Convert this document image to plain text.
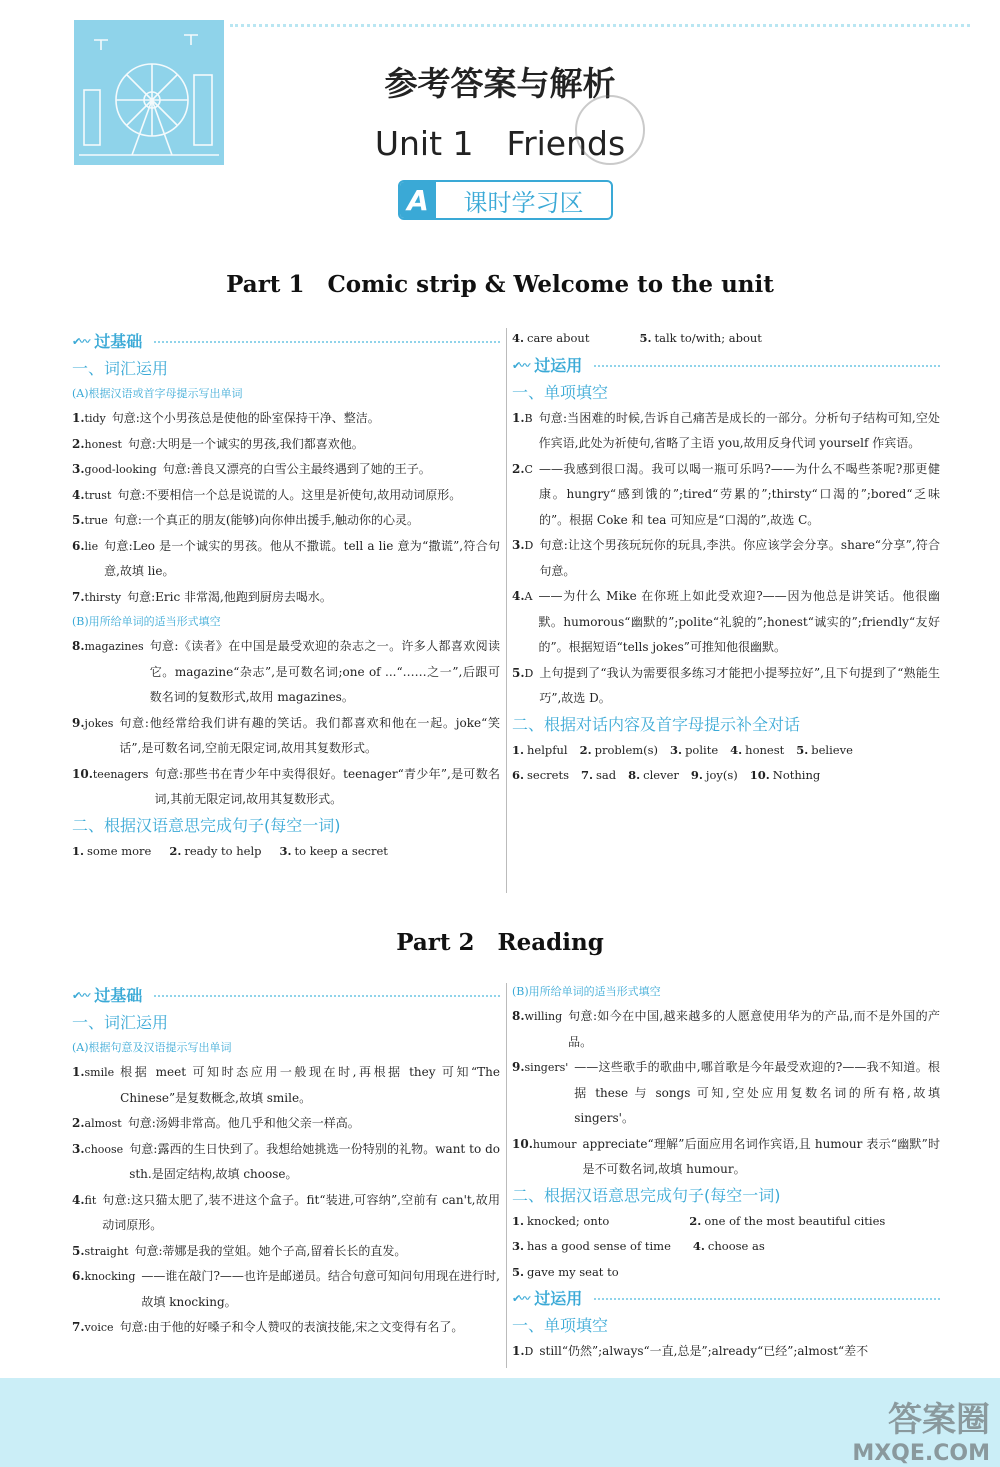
参考答案与解析
Unit 1　Friends
A	课时学习区
Part 1　Comic strip & Welcome to the unit
✔〰 过基础
一、词汇运用
(A)根据汉语或首字母提示写出单词
1. tidy 句意:这个小男孩总是使他的卧室保持干净、整洁。
2. honest 句意:大明是一个诚实的男孩,我们都喜欢他。
3. good-looking 句意:善良又漂亮的白雪公主最终遇到了她的王子。
4. trust 句意:不要相信一个总是说谎的人。这里是祈使句,故用动词原形。
5. true 句意:一个真正的朋友(能够)向你伸出援手,触动你的心灵。
6. lie 句意:Leo 是一个诚实的男孩。他从不撒谎。tell a lie 意为“撒谎”,符合句意,故填 lie。
7. thirsty 句意:Eric 非常渴,他跑到厨房去喝水。
(B)用所给单词的适当形式填空
8. magazines 句意:《读者》在中国是最受欢迎的杂志之一。许多人都喜欢阅读它。magazine“杂志”,是可数名词;one of ...“……之一”,后跟可数名词的复数形式,故用 magazines。
9. jokes 句意:他经常给我们讲有趣的笑话。我们都喜欢和他在一起。joke“笑话”,是可数名词,空前无限定词,故用其复数形式。
10. teenagers 句意:那些书在青少年中卖得很好。teenager“青少年”,是可数名词,其前无限定词,故用其复数形式。
二、根据汉语意思完成句子(每空一词)
1. some more 2. ready to help 3. to keep a secret
4. care about	5. talk to/with; about
✔〰 过运用
一、单项填空
1. B 句意:当困难的时候,告诉自己痛苦是成长的一部分。分析句子结构可知,空处作宾语,此处为祈使句,省略了主语 you,故用反身代词 yourself 作宾语。
2. C ——我感到很口渴。我可以喝一瓶可乐吗?——为什么不喝些茶呢?那更健康。hungry“感到饿的”;tired“劳累的”;thirsty“口渴的”;bored“乏味的”。根据 Coke 和 tea 可知应是“口渴的”,故选 C。
3. D 句意:让这个男孩玩玩你的玩具,李洪。你应该学会分享。share“分享”,符合句意。
4. A ——为什么 Mike 在你班上如此受欢迎?——因为他总是讲笑话。他很幽默。humorous“幽默的”;polite“礼貌的”;honest“诚实的”;friendly“友好的”。根据短语“tells jokes”可推知他很幽默。
5. D 上句提到了“我认为需要很多练习才能把小提琴拉好”,且下句提到了“熟能生巧”,故选 D。
二、根据对话内容及首字母提示补全对话
1. helpful 2. problem(s) 3. polite 4. honest 5. believe
6. secrets 7. sad 8. clever 9. joy(s) 10. Nothing
Part 2　Reading
✔〰 过基础
一、词汇运用
(A)根据句意及汉语提示写出单词
1. smile 根据 meet 可知时态应用一般现在时,再根据 they 可知“The Chinese”是复数概念,故填 smile。
2. almost 句意:汤姆非常高。他几乎和他父亲一样高。
3. choose 句意:露西的生日快到了。我想给她挑选一份特别的礼物。want to do sth.是固定结构,故填 choose。
4. fit 句意:这只猫太肥了,装不进这个盒子。fit“装进,可容纳”,空前有 can't,故用动词原形。
5. straight 句意:蒂娜是我的堂姐。她个子高,留着长长的直发。
6. knocking ——谁在敲门?——也许是邮递员。结合句意可知问句用现在进行时,故填 knocking。
7. voice 句意:由于他的好嗓子和令人赞叹的表演技能,宋之文变得有名了。
(B)用所给单词的适当形式填空
8. willing 句意:如今在中国,越来越多的人愿意使用华为的产品,而不是外国的产品。
9. singers' ——这些歌手的歌曲中,哪首歌是今年最受欢迎的?——我不知道。根据 these 与 songs 可知,空处应用复数名词的所有格,故填 singers'。
10. humour appreciate“理解”后面应用名词作宾语,且 humour 表示“幽默”时是不可数名词,故填 humour。
二、根据汉语意思完成句子(每空一词)
1. knocked; onto	2. one of the most beautiful cities
3. has a good sense of time 4. choose as
5. gave my seat to
✔〰 过运用
一、单项填空
1. D still“仍然”;always“一直,总是”;already“已经”;almost“差不
答案圈
MXQE.COM
